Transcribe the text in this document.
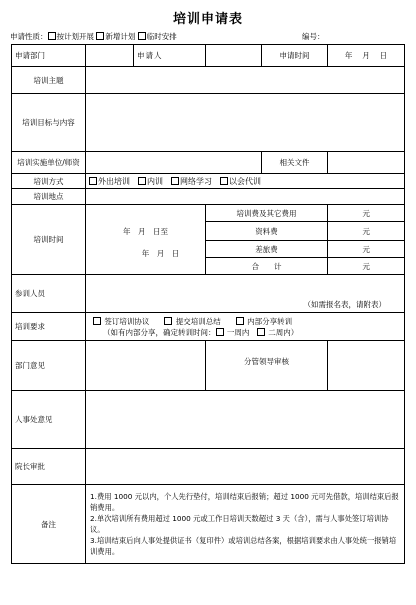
培训申请表
申请性质： 按计划开展 新增计划 临时安排	编号：
申请部门		申请人		申请时间	年　 月　 日
培训主题					
培训目标与内容					
培训实施单位/师资				相关文件	
培训方式	外出培训　 内训　 网络学习　 以会代训				
培训地点					
培训时间	年　月　日至
年　月　日		培训费及其它费用		元
			资料费		元
			差旅费		元
			合　　计		元
参训人员	（如需报名表，请附表）				

培训要求	签订培训协议　　 提交培训总结　　 内部分享转训
（如有内部分享，确定转训时间： 一周内　 二周内）				

部门意见			分管领导审核		
人事处意见					
院长审批					
备注	1.费用 1000 元以内，个人先行垫付，培训结束后报销；超过 1000 元可先借款，培训结束后报销费用。
2.单次培训所有费用超过 1000 元或工作日培训天数超过 3 天（含），需与人事处签订培训协议。
3.培训结束后向人事处提供证书（复印件）或培训总结各案，根据培训要求由人事处统一报销培训费用。				
